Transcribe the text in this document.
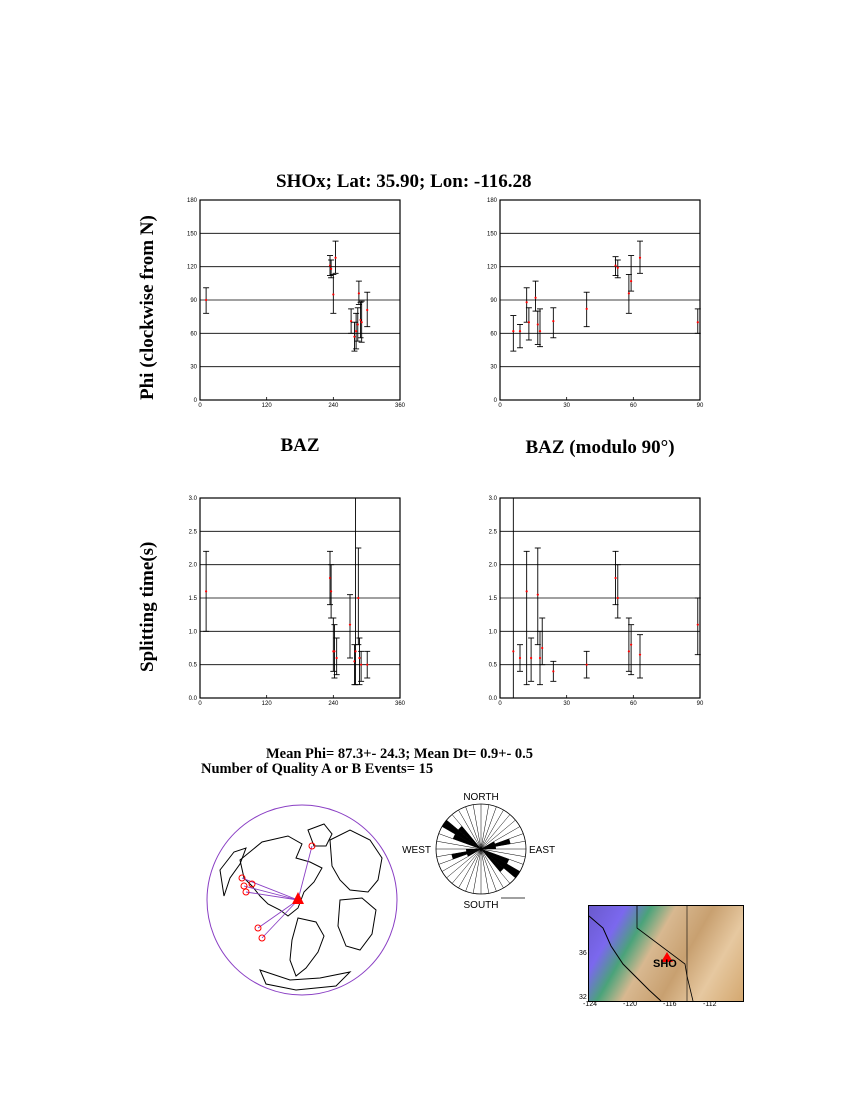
SHOx; Lat: 35.90; Lon: -116.28
Phi (clockwise from N)
Splitting time(s)
BAZ	BAZ (modulo 90°)
0
30
60
90
120
150
180
0	120	240	360
0
30
60
90
120
150
180
0	30	60	90
0.0
0.5
1.0
1.5
2.0
2.5
3.0
0	120	240	360
0.0
0.5
1.0
1.5
2.0
2.5
3.0
0	30	60	90
Mean Phi= 87.3+- 24.3; Mean Dt= 0.9+- 0.5
Number of Quality A or B Events= 15
NORTH
SOUTH
WEST	EAST
SHO
36
32
-124	-120	-116	-112
